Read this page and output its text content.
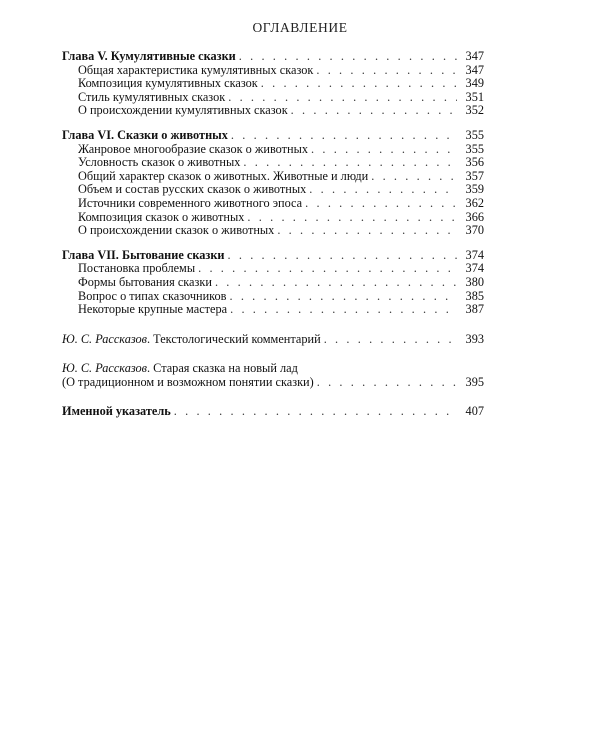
ОГЛАВЛЕНИЕ
Глава V. Кумулятивные сказки . . .	347
Общая характеристика кумулятивных сказок . . .	347
Композиция кумулятивных сказок . . .	349
Стиль кумулятивных сказок . . .	351
О происхождении кумулятивных сказок . . .	352
Глава VI. Сказки о животных . . .	355
Жанровое многообразие сказок о животных . . .	355
Условность сказок о животных . . .	356
Общий характер сказок о животных. Животные и люди . . .	357
Объем и состав русских сказок о животных . . .	359
Источники современного животного эпоса . . .	362
Композиция сказок о животных . . .	366
О происхождении сказок о животных . . .	370
Глава VII. Бытование сказки . . .	374
Постановка проблемы . . .	374
Формы бытования сказки . . .	380
Вопрос о типах сказочников . . .	385
Некоторые крупные мастера . . .	387
Ю. С. Рассказов. Текстологический комментарий . . .	393
Ю. С. Рассказов. Старая сказка на новый лад
(О традиционном и возможном понятии сказки) . . .	395
Именной указатель . . .	407
